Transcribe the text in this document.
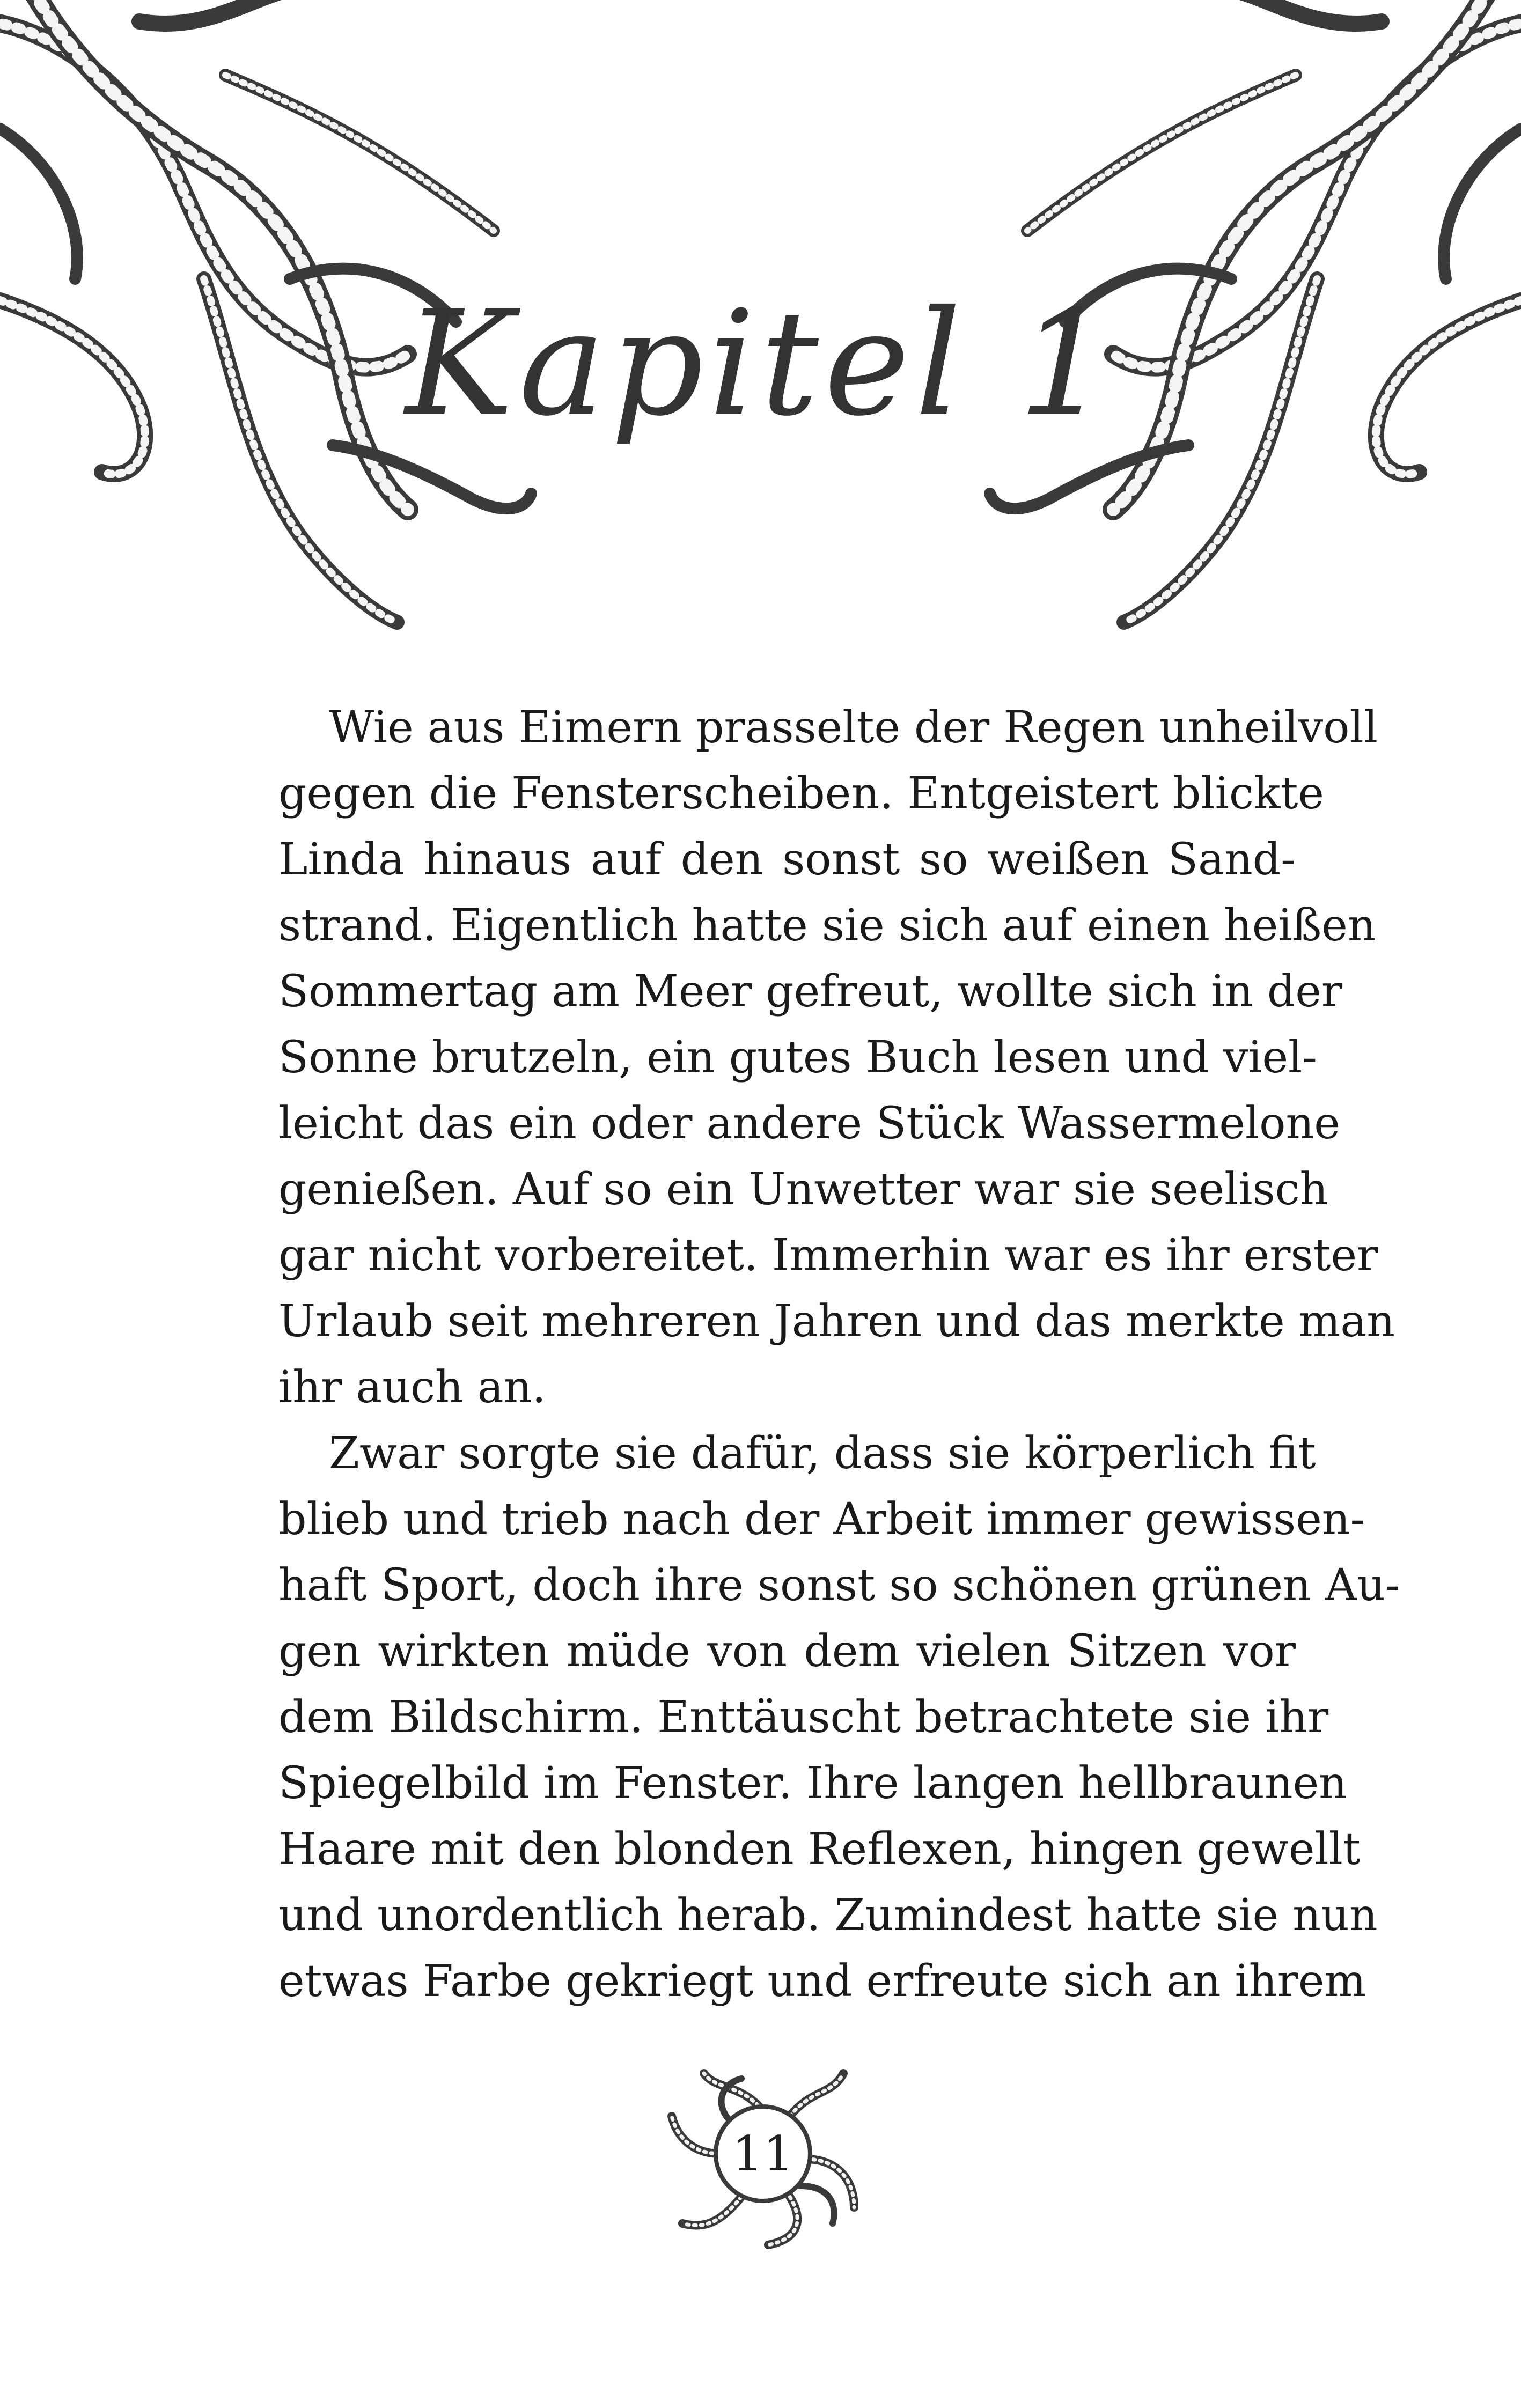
Kapitel 1

Wie aus Eimern prasselte der Regen unheilvoll
gegen die Fensterscheiben. Entgeistert blickte
Linda hinaus auf den sonst so weißen Sand-
strand. Eigentlich hatte sie sich auf einen heißen
Sommertag am Meer gefreut, wollte sich in der
Sonne brutzeln, ein gutes Buch lesen und viel-
leicht das ein oder andere Stück Wassermelone
genießen. Auf so ein Unwetter war sie seelisch
gar nicht vorbereitet. Immerhin war es ihr erster
Urlaub seit mehreren Jahren und das merkte man
ihr auch an.

Zwar sorgte sie dafür, dass sie körperlich fit
blieb und trieb nach der Arbeit immer gewissen-
haft Sport, doch ihre sonst so schönen grünen Au-
gen wirkten müde von dem vielen Sitzen vor
dem Bildschirm. Enttäuscht betrachtete sie ihr
Spiegelbild im Fenster. Ihre langen hellbraunen
Haare mit den blonden Reflexen, hingen gewellt
und unordentlich herab. Zumindest hatte sie nun
etwas Farbe gekriegt und erfreute sich an ihrem

11
